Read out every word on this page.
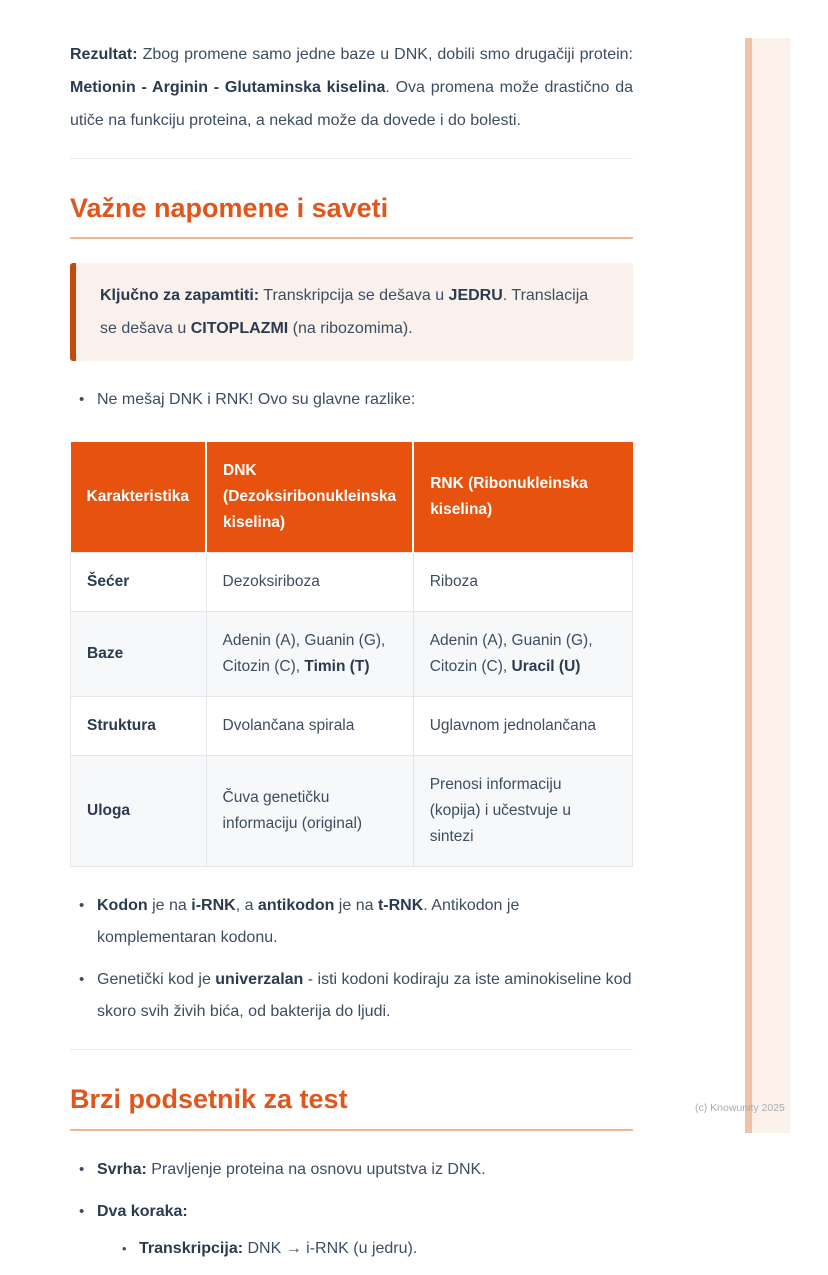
Rezultat: Zbog promene samo jedne baze u DNK, dobili smo drugačiji protein: Metionin - Arginin - Glutaminska kiselina. Ova promena može drastično da utiče na funkciju proteina, a nekad može da dovede i do bolesti.

Važne napomene i saveti

Ključno za zapamtiti: Transkripcija se dešava u JEDRU. Translacija se dešava u CITOPLAZMI (na ribozomima).

• Ne mešaj DNK i RNK! Ovo su glavne razlike:
Karakteristika	DNK (Dezoksiribonukleinska kiselina)	RNK (Ribonukleinska kiselina)
Šećer	Dezoksiriboza	Riboza
Baze	Adenin (A), Guanin (G), Citozin (C), Timin (T)	Adenin (A), Guanin (G), Citozin (C), Uracil (U)
Struktura	Dvolančana spirala	Uglavnom jednolančana
Uloga	Čuva genetičku informaciju (original)	Prenosi informaciju (kopija) i učestvuje u sintezi
• Kodon je na i-RNK, a antikodon je na t-RNK. Antikodon je komplementaran kodonu.
• Genetički kod je univerzalan - isti kodoni kodiraju za iste aminokiseline kod skoro svih živih bića, od bakterija do ljudi.
Brzi podsetnik za test
• Svrha: Pravljenje proteina na osnovu uputstva iz DNK.
• Dva koraka:
• Transkripcija: DNK → i-RNK (u jedru).
(c) Knowunity 2025
